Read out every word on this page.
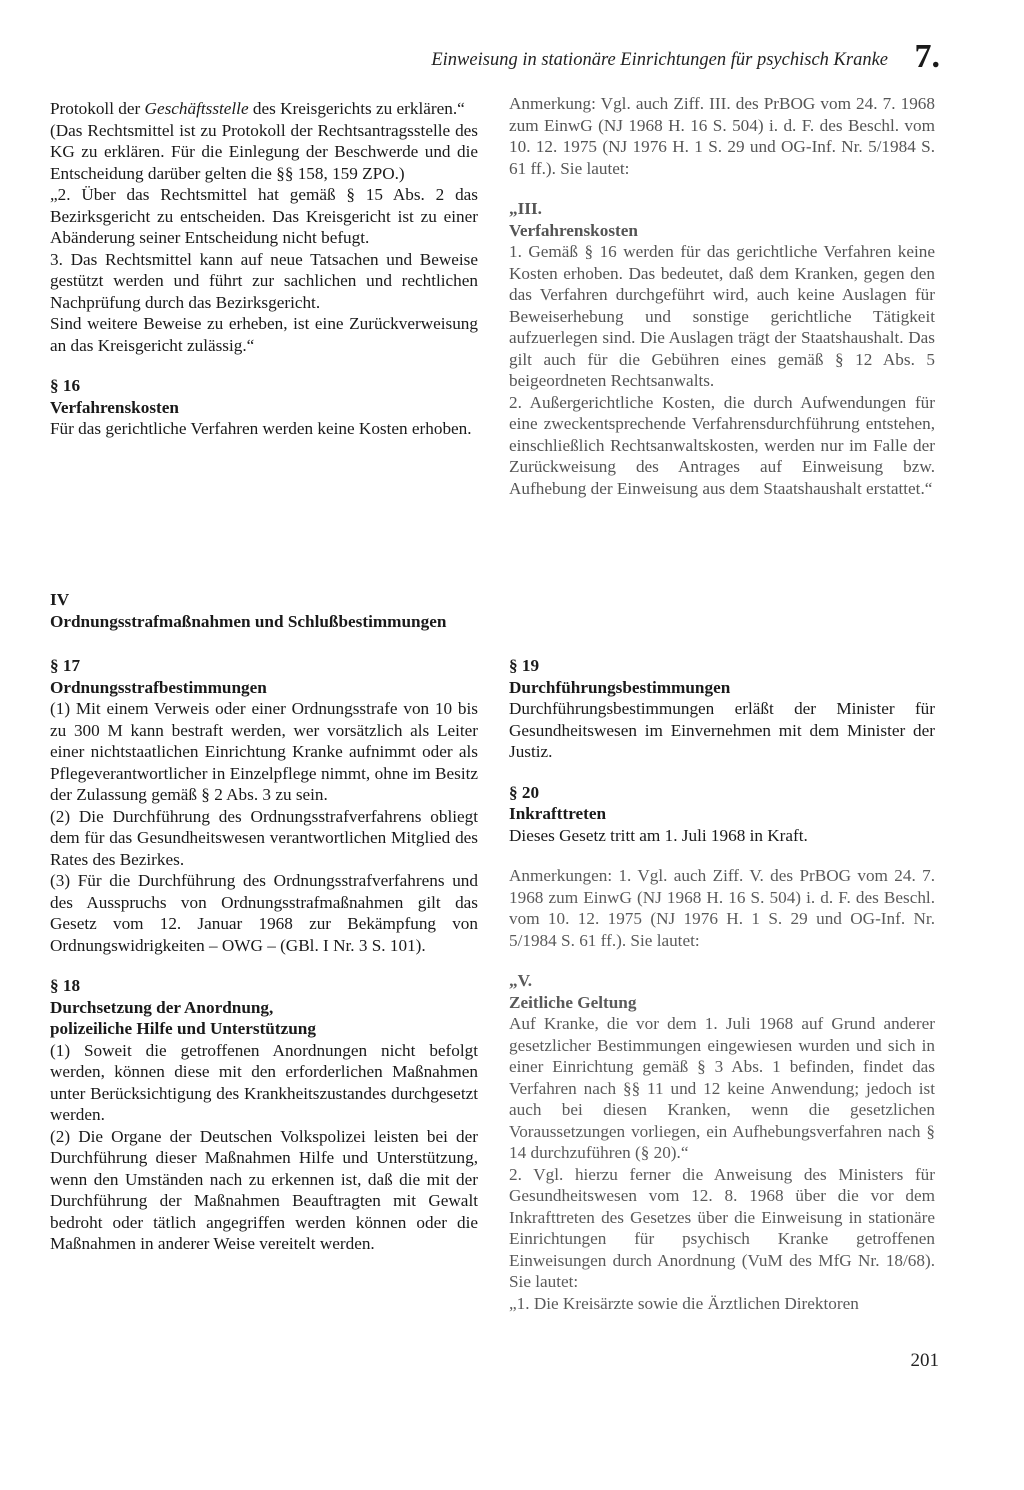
Einweisung in stationäre Einrichtungen für psychisch Kranke 7.

Protokoll der Geschäftsstelle des Kreisgerichts zu erklären.“

(Das Rechtsmittel ist zu Protokoll der Rechtsantragsstelle des KG zu erklären. Für die Einlegung der Beschwerde und die Entscheidung darüber gelten die §§ 158, 159 ZPO.)

„2. Über das Rechtsmittel hat gemäß § 15 Abs. 2 das Bezirksgericht zu entscheiden. Das Kreisgericht ist zu einer Abänderung seiner Entscheidung nicht befugt.

3. Das Rechtsmittel kann auf neue Tatsachen und Beweise gestützt werden und führt zur sachlichen und rechtlichen Nachprüfung durch das Bezirksgericht.

Sind weitere Beweise zu erheben, ist eine Zurückverweisung an das Kreisgericht zulässig.“

§ 16

Verfahrenskosten

Für das gerichtliche Verfahren werden keine Kosten erhoben.

Anmerkung: Vgl. auch Ziff. III. des PrBOG vom 24. 7. 1968 zum EinwG (NJ 1968 H. 16 S. 504) i. d. F. des Beschl. vom 10. 12. 1975 (NJ 1976 H. 1 S. 29 und OG-Inf. Nr. 5/1984 S. 61 ff.). Sie lautet:

„III.

Verfahrenskosten

1. Gemäß § 16 werden für das gerichtliche Verfahren keine Kosten erhoben. Das bedeutet, daß dem Kranken, gegen den das Verfahren durchgeführt wird, auch keine Auslagen für Beweiserhebung und sonstige gerichtliche Tätigkeit aufzuerlegen sind. Die Auslagen trägt der Staatshaushalt. Das gilt auch für die Gebühren eines gemäß § 12 Abs. 5 beigeordneten Rechtsanwalts.

2. Außergerichtliche Kosten, die durch Aufwendungen für eine zweckentsprechende Verfahrensdurchführung entstehen, einschließlich Rechtsanwaltskosten, werden nur im Falle der Zurückweisung des Antrages auf Einweisung bzw. Aufhebung der Einweisung aus dem Staatshaushalt erstattet.“

IV
Ordnungsstrafmaßnahmen und Schlußbestimmungen

§ 17

Ordnungsstrafbestimmungen

(1) Mit einem Verweis oder einer Ordnungsstrafe von 10 bis zu 300 M kann bestraft werden, wer vorsätzlich als Leiter einer nichtstaatlichen Einrichtung Kranke aufnimmt oder als Pflegeverantwortlicher in Einzelpflege nimmt, ohne im Besitz der Zulassung gemäß § 2 Abs. 3 zu sein.

(2) Die Durchführung des Ordnungsstrafverfahrens obliegt dem für das Gesundheitswesen verantwortlichen Mitglied des Rates des Bezirkes.

(3) Für die Durchführung des Ordnungsstrafverfahrens und des Ausspruchs von Ordnungsstrafmaßnahmen gilt das Gesetz vom 12. Januar 1968 zur Bekämpfung von Ordnungswidrigkeiten – OWG – (GBl. I Nr. 3 S. 101).

§ 18

Durchsetzung der Anordnung,

polizeiliche Hilfe und Unterstützung

(1) Soweit die getroffenen Anordnungen nicht befolgt werden, können diese mit den erforderlichen Maßnahmen unter Berücksichtigung des Krankheitszustandes durchgesetzt werden.

(2) Die Organe der Deutschen Volkspolizei leisten bei der Durchführung dieser Maßnahmen Hilfe und Unterstützung, wenn den Umständen nach zu erkennen ist, daß die mit der Durchführung der Maßnahmen Beauftragten mit Gewalt bedroht oder tätlich angegriffen werden können oder die Maßnahmen in anderer Weise vereitelt werden.

§ 19

Durchführungsbestimmungen

Durchführungsbestimmungen erläßt der Minister für Gesundheitswesen im Einvernehmen mit dem Minister der Justiz.

§ 20

Inkrafttreten

Dieses Gesetz tritt am 1. Juli 1968 in Kraft.

Anmerkungen: 1. Vgl. auch Ziff. V. des PrBOG vom 24. 7. 1968 zum EinwG (NJ 1968 H. 16 S. 504) i. d. F. des Beschl. vom 10. 12. 1975 (NJ 1976 H. 1 S. 29 und OG-Inf. Nr. 5/1984 S. 61 ff.). Sie lautet:

„V.

Zeitliche Geltung

Auf Kranke, die vor dem 1. Juli 1968 auf Grund anderer gesetzlicher Bestimmungen eingewiesen wurden und sich in einer Einrichtung gemäß § 3 Abs. 1 befinden, findet das Verfahren nach §§ 11 und 12 keine Anwendung; jedoch ist auch bei diesen Kranken, wenn die gesetzlichen Voraussetzungen vorliegen, ein Aufhebungsverfahren nach § 14 durchzuführen (§ 20).“

2. Vgl. hierzu ferner die Anweisung des Ministers für Gesundheitswesen vom 12. 8. 1968 über die vor dem Inkrafttreten des Gesetzes über die Einweisung in stationäre Einrichtungen für psychisch Kranke getroffenen Einweisungen durch Anordnung (VuM des MfG Nr. 18/68). Sie lautet:

„1. Die Kreisärzte sowie die Ärztlichen Direktoren

201
